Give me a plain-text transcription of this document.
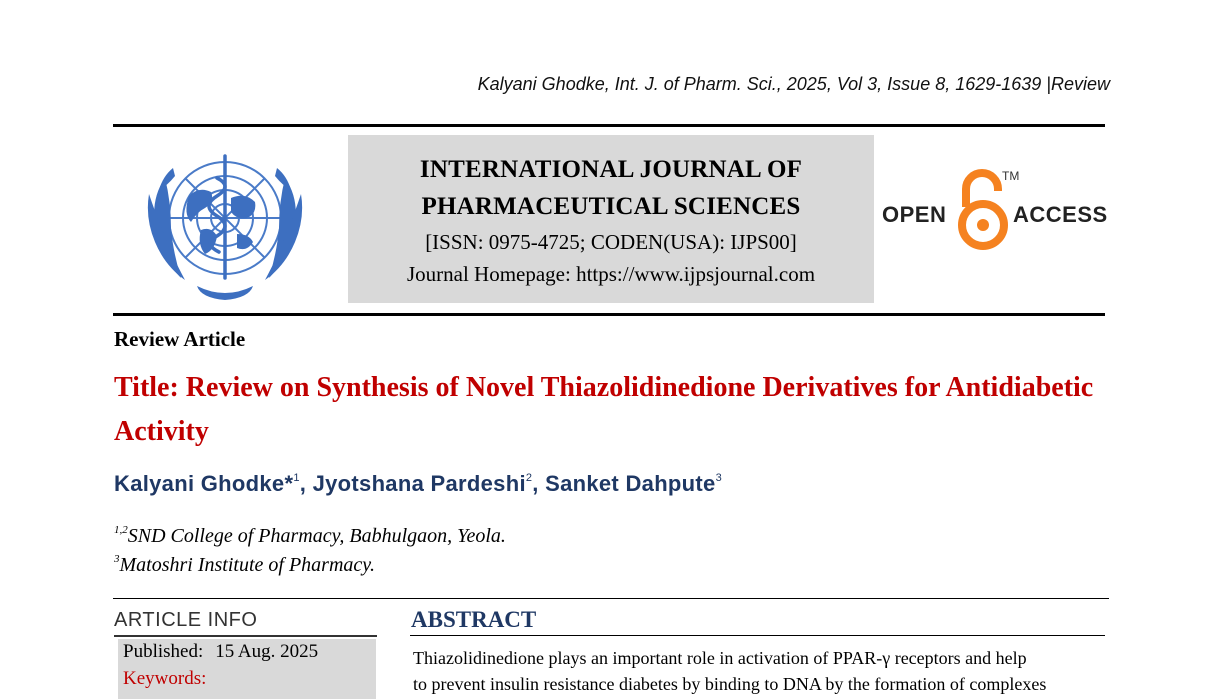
Kalyani Ghodke, Int. J. of Pharm. Sci., 2025, Vol 3, Issue 8, 1629-1639 |Review
INTERNATIONAL JOURNAL OF
PHARMACEUTICAL SCIENCES
[ISSN: 0975-4725; CODEN(USA): IJPS00]
Journal Homepage: https://www.ijpsjournal.com
OPEN
TM
ACCESS
Review Article
Title: Review on Synthesis of Novel Thiazolidinedione Derivatives for Antidiabetic Activity
Kalyani Ghodke*$^1$, Jyotshana Pardeshi$^2$, Sanket Dahpute$^3$
$^{1,2}$SND College of Pharmacy, Babhulgaon, Yeola.
$^3$Matoshri Institute of Pharmacy.
ARTICLE INFO
Published: 15 Aug. 2025
Keywords:
ABSTRACT
Thiazolidinedione plays an important role in activation of PPAR-γ receptors and help
to prevent insulin resistance diabetes by binding to DNA by the formation of complexes
